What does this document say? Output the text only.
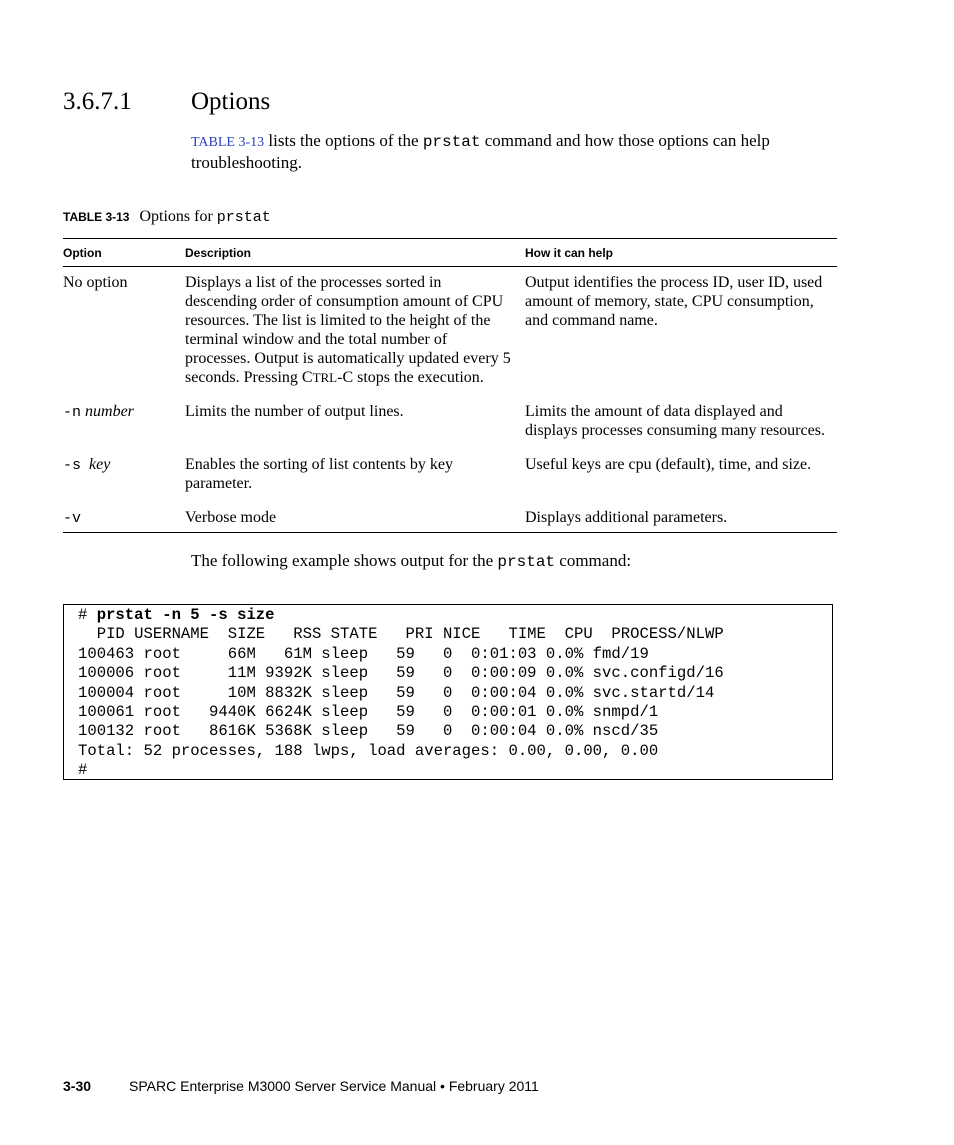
3.6.7.1 Options
TABLE 3-13 lists the options of the prstat command and how those options can help troubleshooting.
TABLE 3-13 Options for prstat
Option	Description	How it can help
No option	Displays a list of the processes sorted in descending order of consumption amount of CPU resources. The list is limited to the height of the terminal window and the total number of processes. Output is automatically updated every 5 seconds. Pressing CTRL-C stops the execution.	Output identifies the process ID, user ID, used amount of memory, state, CPU consumption, and command name.
-n number	Limits the number of output lines.	Limits the amount of data displayed and displays processes consuming many resources.
-s key	Enables the sorting of list contents by key parameter.	Useful keys are cpu (default), time, and size.
-v	Verbose mode	Displays additional parameters.
The following example shows output for the prstat command:
# prstat -n 5 -s size
PID USERNAME  SIZE   RSS STATE   PRI NICE   TIME  CPU  PROCESS/NLWP
100463 root     66M   61M sleep   59   0  0:01:03 0.0% fmd/19
100006 root     11M 9392K sleep   59   0  0:00:09 0.0% svc.configd/16
100004 root     10M 8832K sleep   59   0  0:00:04 0.0% svc.startd/14
100061 root   9440K 6624K sleep   59   0  0:00:01 0.0% snmpd/1
100132 root   8616K 5368K sleep   59   0  0:00:04 0.0% nscd/35
Total: 52 processes, 188 lwps, load averages: 0.00, 0.00, 0.00
#
3-30	SPARC Enterprise M3000 Server Service Manual • February 2011
